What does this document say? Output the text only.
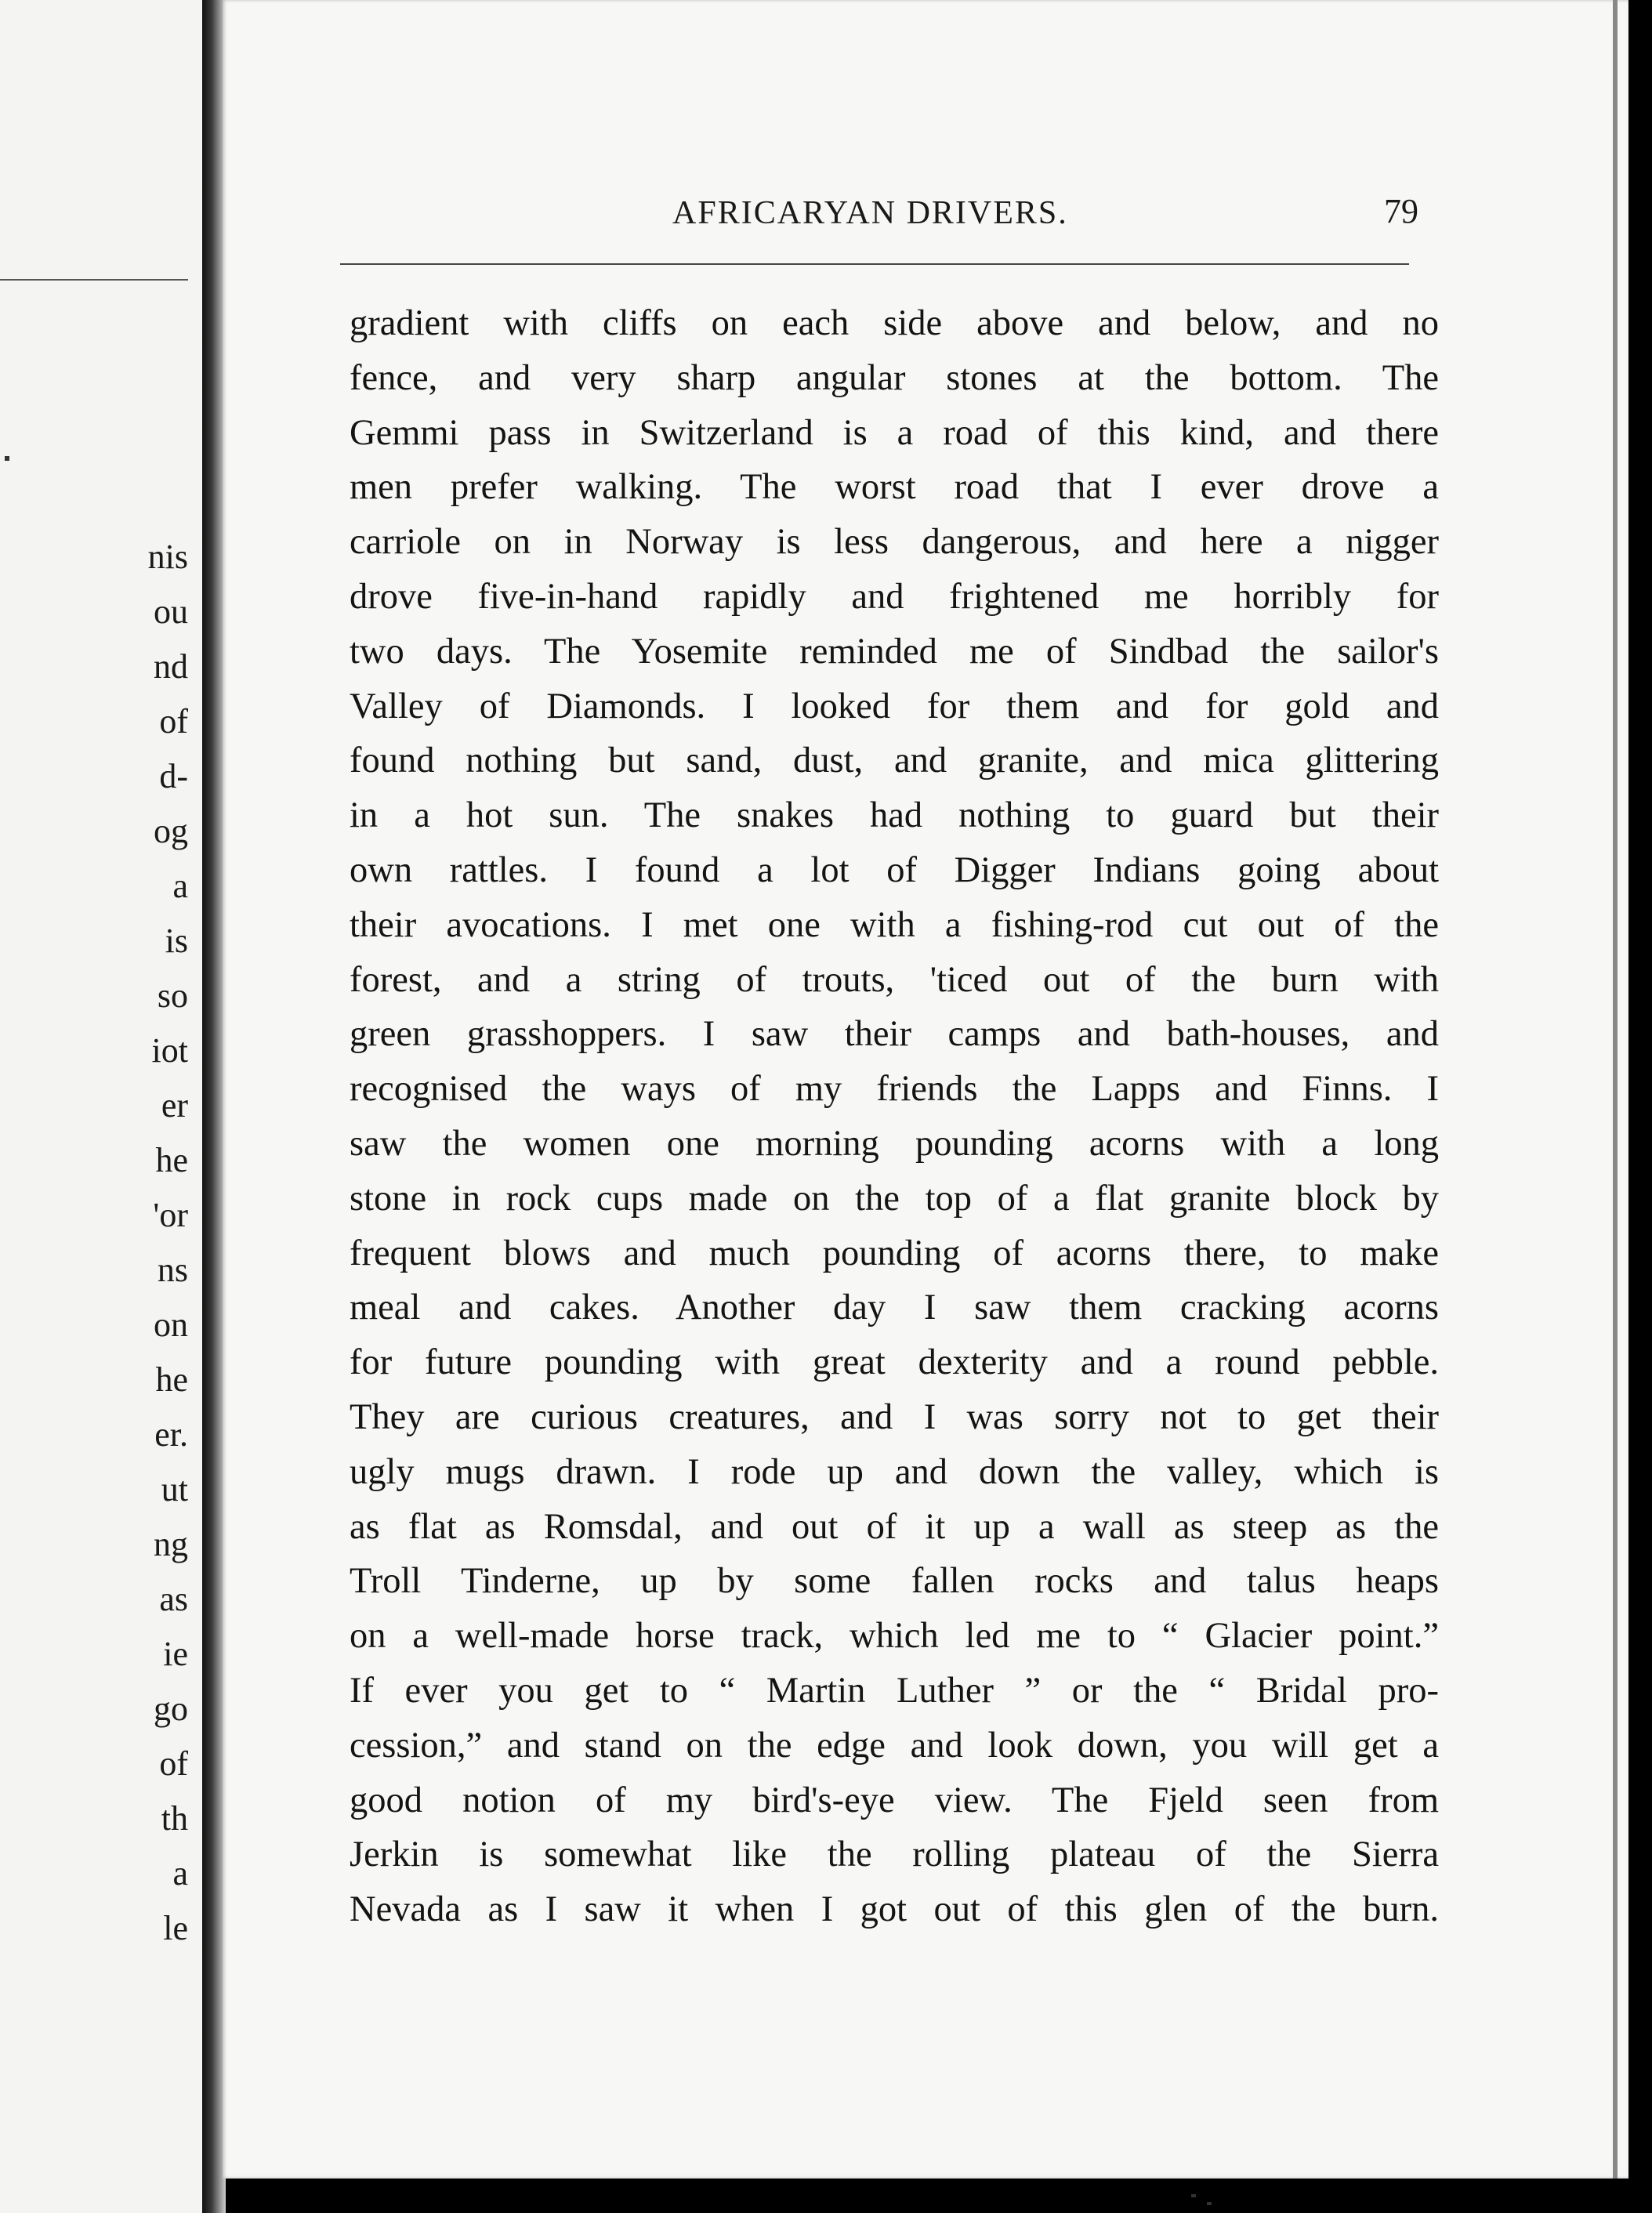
nis
ou
nd
of
d-
og
a
is
so
iot
er
he
'or
ns
on
he
er.
ut
ng
as
ie
go
of
th
a
le
AFRICARYAN DRIVERS.	79
gradient with cliffs on each side above and below, and no
fence, and very sharp angular stones at the bottom. The
Gemmi pass in Switzerland is a road of this kind, and there
men prefer walking. The worst road that I ever drove a
carriole on in Norway is less dangerous, and here a nigger
drove five-in-hand rapidly and frightened me horribly for
two days. The Yosemite reminded me of Sindbad the sailor's
Valley of Diamonds. I looked for them and for gold and
found nothing but sand, dust, and granite, and mica glittering
in a hot sun. The snakes had nothing to guard but their
own rattles. I found a lot of Digger Indians going about
their avocations. I met one with a fishing-rod cut out of the
forest, and a string of trouts, 'ticed out of the burn with
green grasshoppers. I saw their camps and bath-houses, and
recognised the ways of my friends the Lapps and Finns. I
saw the women one morning pounding acorns with a long
stone in rock cups made on the top of a flat granite block by
frequent blows and much pounding of acorns there, to make
meal and cakes. Another day I saw them cracking acorns
for future pounding with great dexterity and a round pebble.
They are curious creatures, and I was sorry not to get their
ugly mugs drawn. I rode up and down the valley, which is
as flat as Romsdal, and out of it up a wall as steep as the
Troll Tinderne, up by some fallen rocks and talus heaps
on a well-made horse track, which led me to “ Glacier point.”
If ever you get to “ Martin Luther ” or the “ Bridal pro-
cession,” and stand on the edge and look down, you will get a
good notion of my bird's-eye view. The Fjeld seen from
Jerkin is somewhat like the rolling plateau of the Sierra
Nevada as I saw it when I got out of this glen of the burn.
